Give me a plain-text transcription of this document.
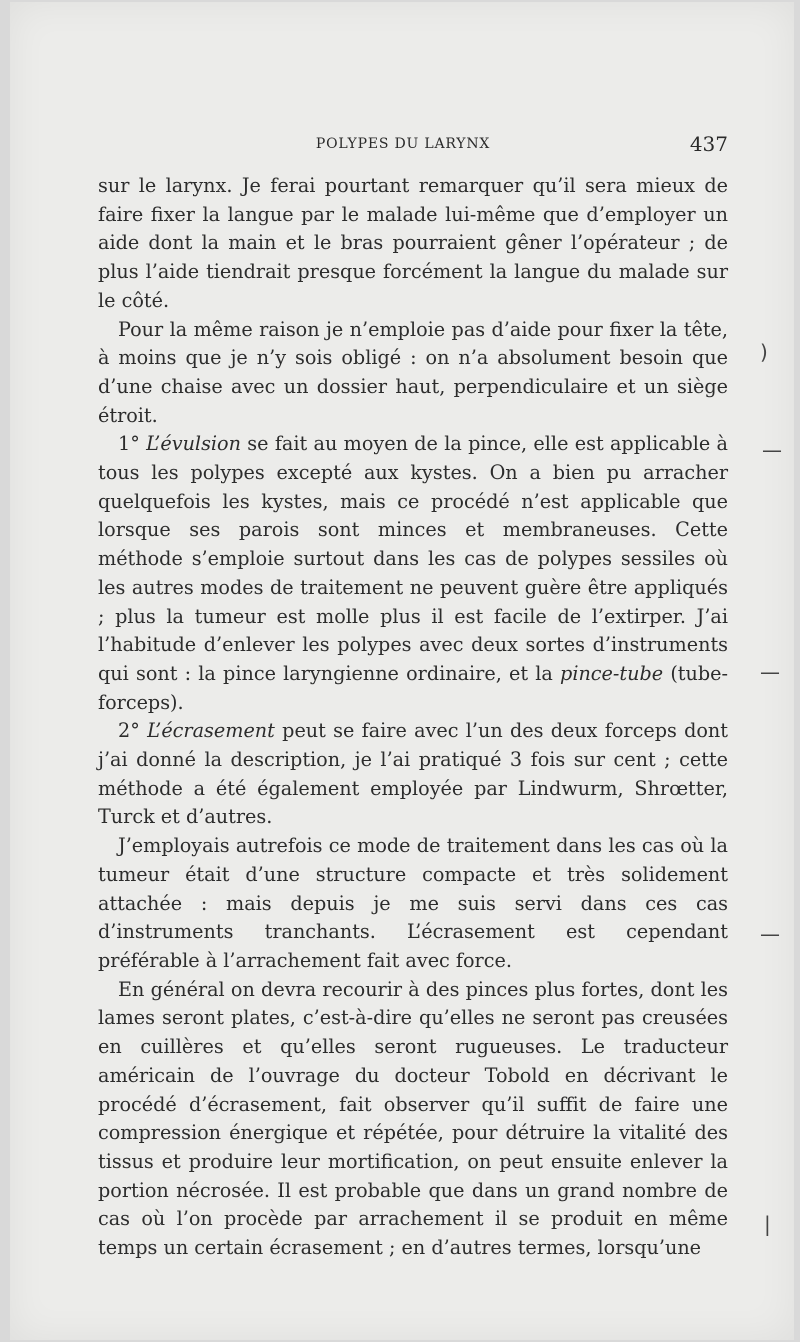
POLYPES DU LARYNX	437

sur le larynx. Je ferai pourtant remarquer qu’il sera mieux de faire fixer la langue par le malade lui-même que d’employer un aide dont la main et le bras pourraient gêner l’opérateur ; de plus l’aide tiendrait presque forcément la langue du malade sur le côté.

Pour la même raison je n’emploie pas d’aide pour fixer la tête, à moins que je n’y sois obligé : on n’a absolument besoin que d’une chaise avec un dossier haut, perpendiculaire et un siège étroit.

1° L’évulsion se fait au moyen de la pince, elle est applicable à tous les polypes excepté aux kystes. On a bien pu arracher quelquefois les kystes, mais ce procédé n’est applicable que lorsque ses parois sont minces et membraneuses. Cette méthode s’emploie surtout dans les cas de polypes sessiles où les autres modes de traitement ne peuvent guère être appliqués ; plus la tumeur est molle plus il est facile de l’extirper. J’ai l’habitude d’enlever les polypes avec deux sortes d’instruments qui sont : la pince laryngienne ordinaire, et la pince-tube (tube-forceps).

2° L’écrasement peut se faire avec l’un des deux forceps dont j’ai donné la description, je l’ai pratiqué 3 fois sur cent ; cette méthode a été également employée par Lindwurm, Shrœtter, Turck et d’autres.

J’employais autrefois ce mode de traitement dans les cas où la tumeur était d’une structure compacte et très solidement attachée : mais depuis je me suis servi dans ces cas d’instruments tranchants. L’écrasement est cependant préférable à l’arrachement fait avec force.

En général on devra recourir à des pinces plus fortes, dont les lames seront plates, c’est-à-dire qu’elles ne seront pas creusées en cuillères et qu’elles seront rugueuses. Le traducteur américain de l’ouvrage du docteur Tobold en décrivant le procédé d’écrasement, fait observer qu’il suffit de faire une compression énergique et répétée, pour détruire la vitalité des tissus et produire leur mortification, on peut ensuite enlever la portion nécrosée. Il est probable que dans un grand nombre de cas où l’on procède par arrachement il se produit en même temps un certain écrasement ; en d’autres termes, lorsqu’une

)
—
—
—
|
